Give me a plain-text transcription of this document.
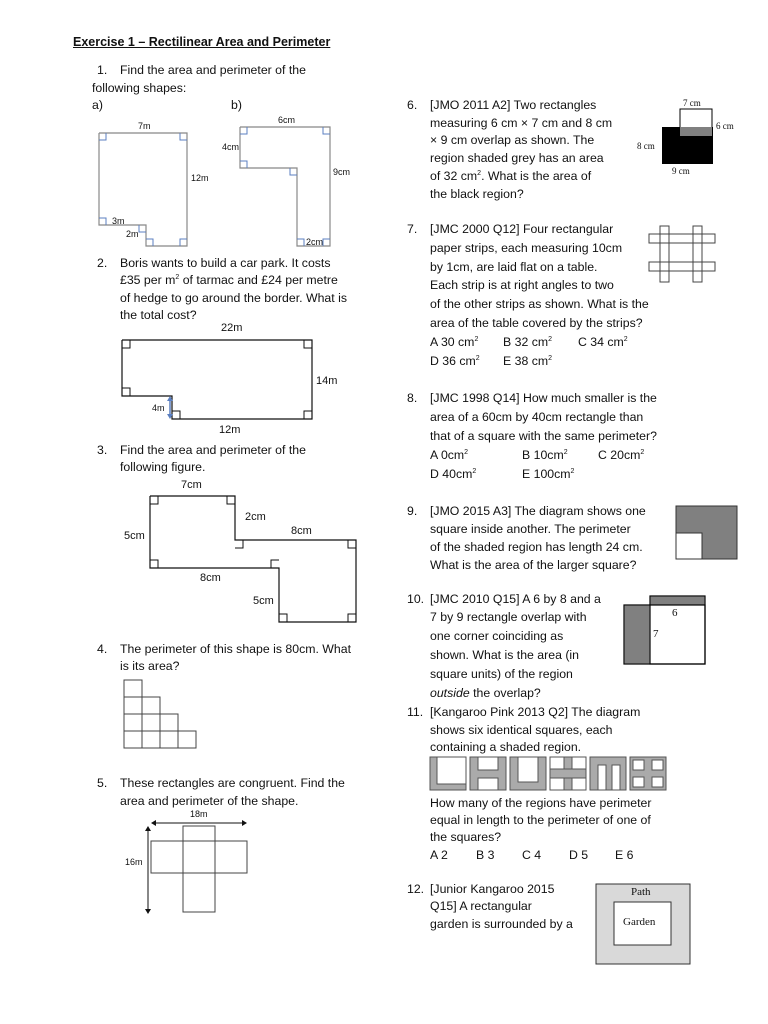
Exercise 1 – Rectilinear Area and Perimeter
1. Find the area and perimeter of the
following shapes:
a)	b)
7m
12m
3m
2m
6cm
4cm
9cm
2cm
2. Boris wants to build a car park. It costs
£35 per $m^2$ of tarmac and £24 per metre
of hedge to go around the border. What is
the total cost?
22m
14m
4m
12m
3. Find the area and perimeter of the
following figure.
7cm
2cm
5cm	8cm
8cm
5cm
4. The perimeter of this shape is 80cm. What
is its area?
5. These rectangles are congruent. Find the
area and perimeter of the shape.
18m
16m
6. [JMO 2011 A2] Two rectangles
measuring 6 cm × 7 cm and 8 cm
× 9 cm overlap as shown. The
region shaded grey has an area
of 32 $cm^2$. What is the area of
the black region?
7 cm
6 cm
8 cm
9 cm
7. [JMC 2000 Q12] Four rectangular
paper strips, each measuring 10cm
by 1cm, are laid flat on a table.
Each strip is at right angles to two
of the other strips as shown. What is the
area of the table covered by the strips?
A 30 $cm^2$ B 32 $cm^2$ C 34 $cm^2$
D 36 $cm^2$ E 38 $cm^2$
8. [JMC 1998 Q14] How much smaller is the
area of a 60cm by 40cm rectangle than
that of a square with the same perimeter?
A $0cm^2$	B $10cm^2$ C $20cm^2$
D $40cm^2$	E $100cm^2$
9. [JMO 2015 A3] The diagram shows one
square inside another. The perimeter
of the shaded region has length 24 cm.
What is the area of the larger square?
10. [JMC 2010 Q15] A 6 by 8 and a
7 by 9 rectangle overlap with
one corner coinciding as
shown. What is the area (in
square units) of the region
outside the overlap?
6
7
11. [Kangaroo Pink 2013 Q2] The diagram
shows six identical squares, each
containing a shaded region.
How many of the regions have perimeter
equal in length to the perimeter of one of
the squares?
A 2 B 3 C 4 D 5 E 6
12. [Junior Kangaroo 2015
Q15] A rectangular
garden is surrounded by a
Path
Garden
